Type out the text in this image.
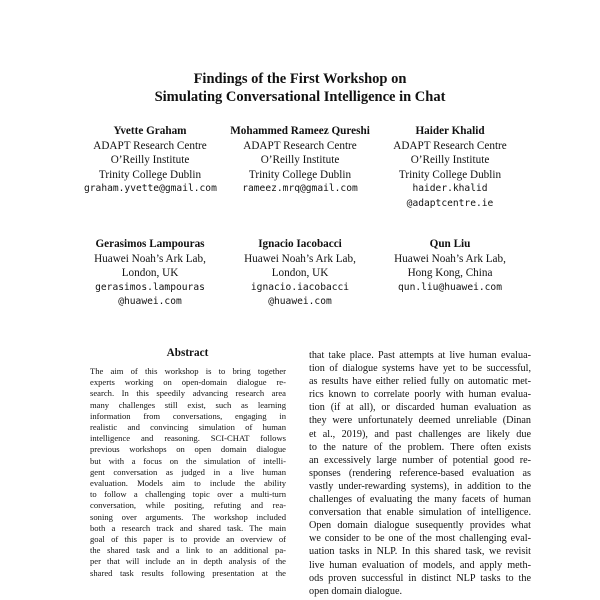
Findings of the First Workshop on
Simulating Conversational Intelligence in Chat
Yvette Graham
ADAPT Research Centre
O’Reilly Institute
Trinity College Dublin
graham.yvette@gmail.com
Mohammed Rameez Qureshi
ADAPT Research Centre
O’Reilly Institute
Trinity College Dublin
rameez.mrq@gmail.com
Haider Khalid
ADAPT Research Centre
O’Reilly Institute
Trinity College Dublin
haider.khalid
@adaptcentre.ie
Gerasimos Lampouras
Huawei Noah’s Ark Lab,
London, UK
gerasimos.lampouras
@huawei.com
Ignacio Iacobacci
Huawei Noah’s Ark Lab,
London, UK
ignacio.iacobacci
@huawei.com
Qun Liu
Huawei Noah’s Ark Lab,
Hong Kong, China
qun.liu@huawei.com
Abstract
The aim of this workshop is to bring together
experts working on open-domain dialogue re-
search. In this speedily advancing research area
many challenges still exist, such as learning
information from conversations, engaging in
realistic and convincing simulation of human
intelligence and reasoning. SCI-CHAT follows
previous workshops on open domain dialogue
but with a focus on the simulation of intelli-
gent conversation as judged in a live human
evaluation. Models aim to include the ability
to follow a challenging topic over a multi-turn
conversation, while positing, refuting and rea-
soning over arguments. The workshop included
both a research track and shared task. The main
goal of this paper is to provide an overview of
the shared task and a link to an additional pa-
per that will include an in depth analysis of the
shared task results following presentation at the
that take place. Past attempts at live human evalua-
tion of dialogue systems have yet to be successful,
as results have either relied fully on automatic met-
rics known to correlate poorly with human evalua-
tion (if at all), or discarded human evaluation as
they were unfortunately deemed unreliable (Dinan
et al., 2019), and past challenges are likely due
to the nature of the problem. There often exists
an excessively large number of potential good re-
sponses (rendering reference-based evaluation as
vastly under-rewarding systems), in addition to the
challenges of evaluating the many facets of human
conversation that enable simulation of intelligence.
Open domain dialogue susequently provides what
we consider to be one of the most challenging eval-
uation tasks in NLP. In this shared task, we revisit
live human evaluation of models, and apply meth-
ods proven successful in distinct NLP tasks to the
open domain dialogue.
